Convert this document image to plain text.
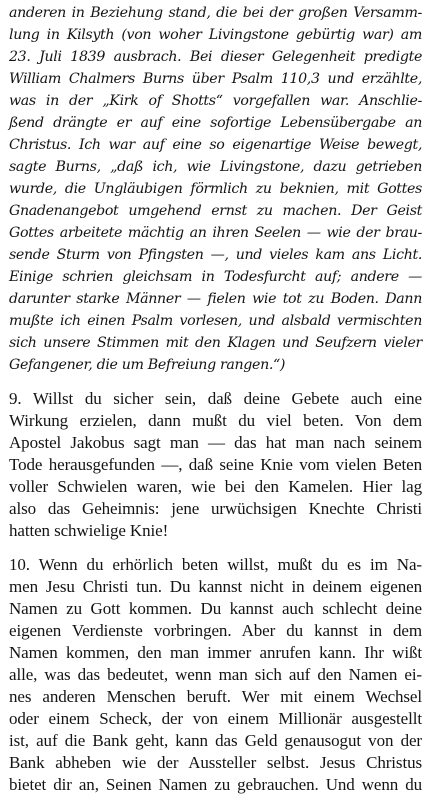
anderen in Beziehung stand, die bei der großen Versamm-
lung in Kilsyth (von woher Livingstone gebürtig war) am
23. Juli 1839 ausbrach. Bei dieser Gelegenheit predigte
William Chalmers Burns über Psalm 110,3 und erzählte,
was in der „Kirk of Shotts“ vorgefallen war. Anschlie-
ßend drängte er auf eine sofortige Lebensübergabe an
Christus. Ich war auf eine so eigenartige Weise bewegt,
sagte Burns, „daß ich, wie Livingstone, dazu getrieben
wurde, die Ungläubigen förmlich zu beknien, mit Gottes
Gnadenangebot umgehend ernst zu machen. Der Geist
Gottes arbeitete mächtig an ihren Seelen — wie der brau-
sende Sturm von Pfingsten —, und vieles kam ans Licht.
Einige schrien gleichsam in Todesfurcht auf; andere —
darunter starke Männer — fielen wie tot zu Boden. Dann
mußte ich einen Psalm vorlesen, und alsbald vermischten
sich unsere Stimmen mit den Klagen und Seufzern vieler
Gefangener, die um Befreiung rangen.“)
9. Willst du sicher sein, daß deine Gebete auch eine
Wirkung erzielen, dann mußt du viel beten. Von dem
Apostel Jakobus sagt man — das hat man nach seinem
Tode herausgefunden —, daß seine Knie vom vielen Beten
voller Schwielen waren, wie bei den Kamelen. Hier lag
also das Geheimnis: jene urwüchsigen Knechte Christi
hatten schwielige Knie!
10. Wenn du erhörlich beten willst, mußt du es im Na-
men Jesu Christi tun. Du kannst nicht in deinem eigenen
Namen zu Gott kommen. Du kannst auch schlecht deine
eigenen Verdienste vorbringen. Aber du kannst in dem
Namen kommen, den man immer anrufen kann. Ihr wißt
alle, was das bedeutet, wenn man sich auf den Namen ei-
nes anderen Menschen beruft. Wer mit einem Wechsel
oder einem Scheck, der von einem Millionär ausgestellt
ist, auf die Bank geht, kann das Geld genausogut von der
Bank abheben wie der Aussteller selbst. Jesus Christus
bietet dir an, Seinen Namen zu gebrauchen. Und wenn du
